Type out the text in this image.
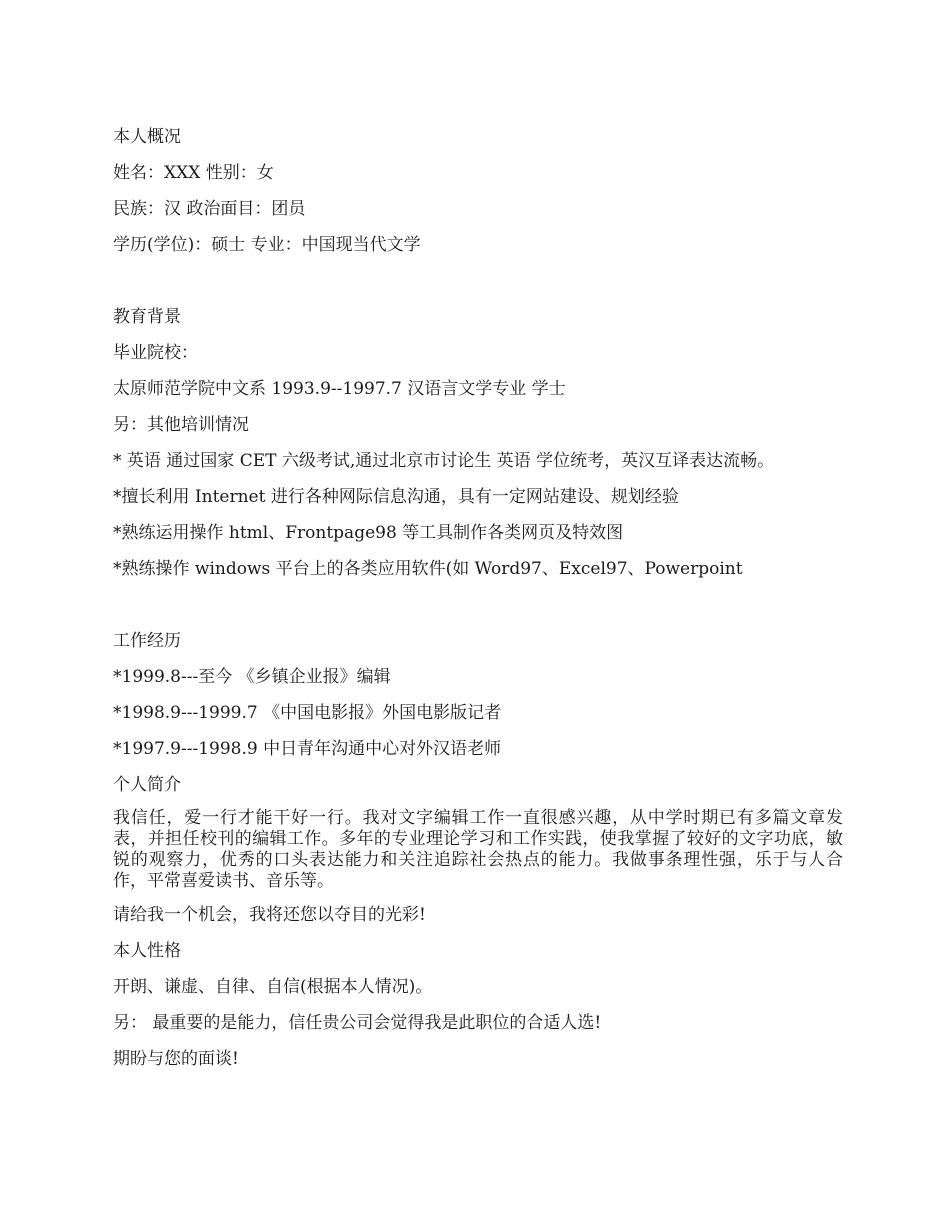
本人概况
姓名：XXX 性别：女
民族：汉 政治面目：团员
学历(学位)：硕士 专业：中国现当代文学
教育背景
毕业院校：
太原师范学院中文系 1993.9--1997.7 汉语言文学专业 学士
另：其他培训情况
* 英语 通过国家 CET 六级考试,通过北京市讨论生 英语 学位统考，英汉互译表达流畅。
*擅长利用 Internet 进行各种网际信息沟通，具有一定网站建设、规划经验
*熟练运用操作 html、Frontpage98 等工具制作各类网页及特效图
*熟练操作 windows 平台上的各类应用软件(如 Word97、Excel97、Powerpoint
工作经历
*1999.8---至今 《乡镇企业报》编辑
*1998.9---1999.7 《中国电影报》外国电影版记者
*1997.9---1998.9 中日青年沟通中心对外汉语老师
个人简介
我信任，爱一行才能干好一行。我对文字编辑工作一直很感兴趣，从中学时期已有多篇文章发表，并担任校刊的编辑工作。多年的专业理论学习和工作实践，使我掌握了较好的文字功底，敏锐的观察力，优秀的口头表达能力和关注追踪社会热点的能力。我做事条理性强，乐于与人合作，平常喜爱读书、音乐等。
请给我一个机会，我将还您以夺目的光彩!
本人性格
开朗、谦虚、自律、自信(根据本人情况)。
另： 最重要的是能力，信任贵公司会觉得我是此职位的合适人选!
期盼与您的面谈!
